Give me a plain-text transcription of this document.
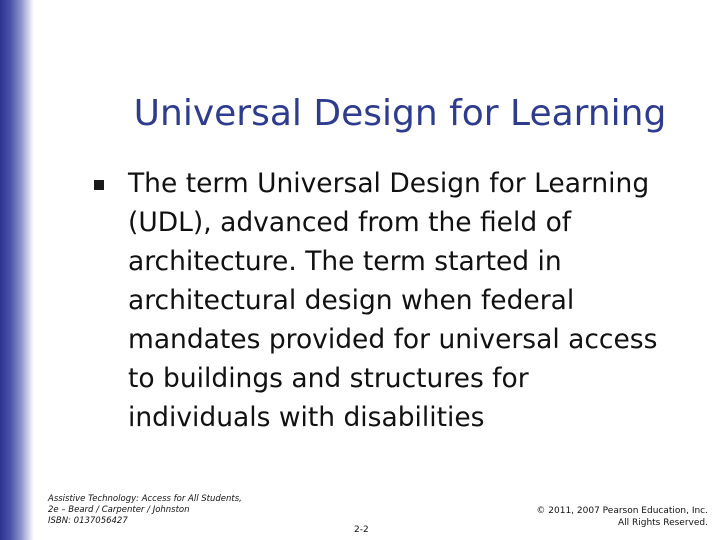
Universal Design for Learning
The term Universal Design for Learning
(UDL), advanced from the field of
architecture. The term started in
architectural design when federal
mandates provided for universal access
to buildings and structures for
individuals with disabilities
Assistive Technology: Access for All Students,
2e – Beard / Carpenter / Johnston
ISBN: 0137056427
2-2
© 2011, 2007 Pearson Education, Inc.
All Rights Reserved.
